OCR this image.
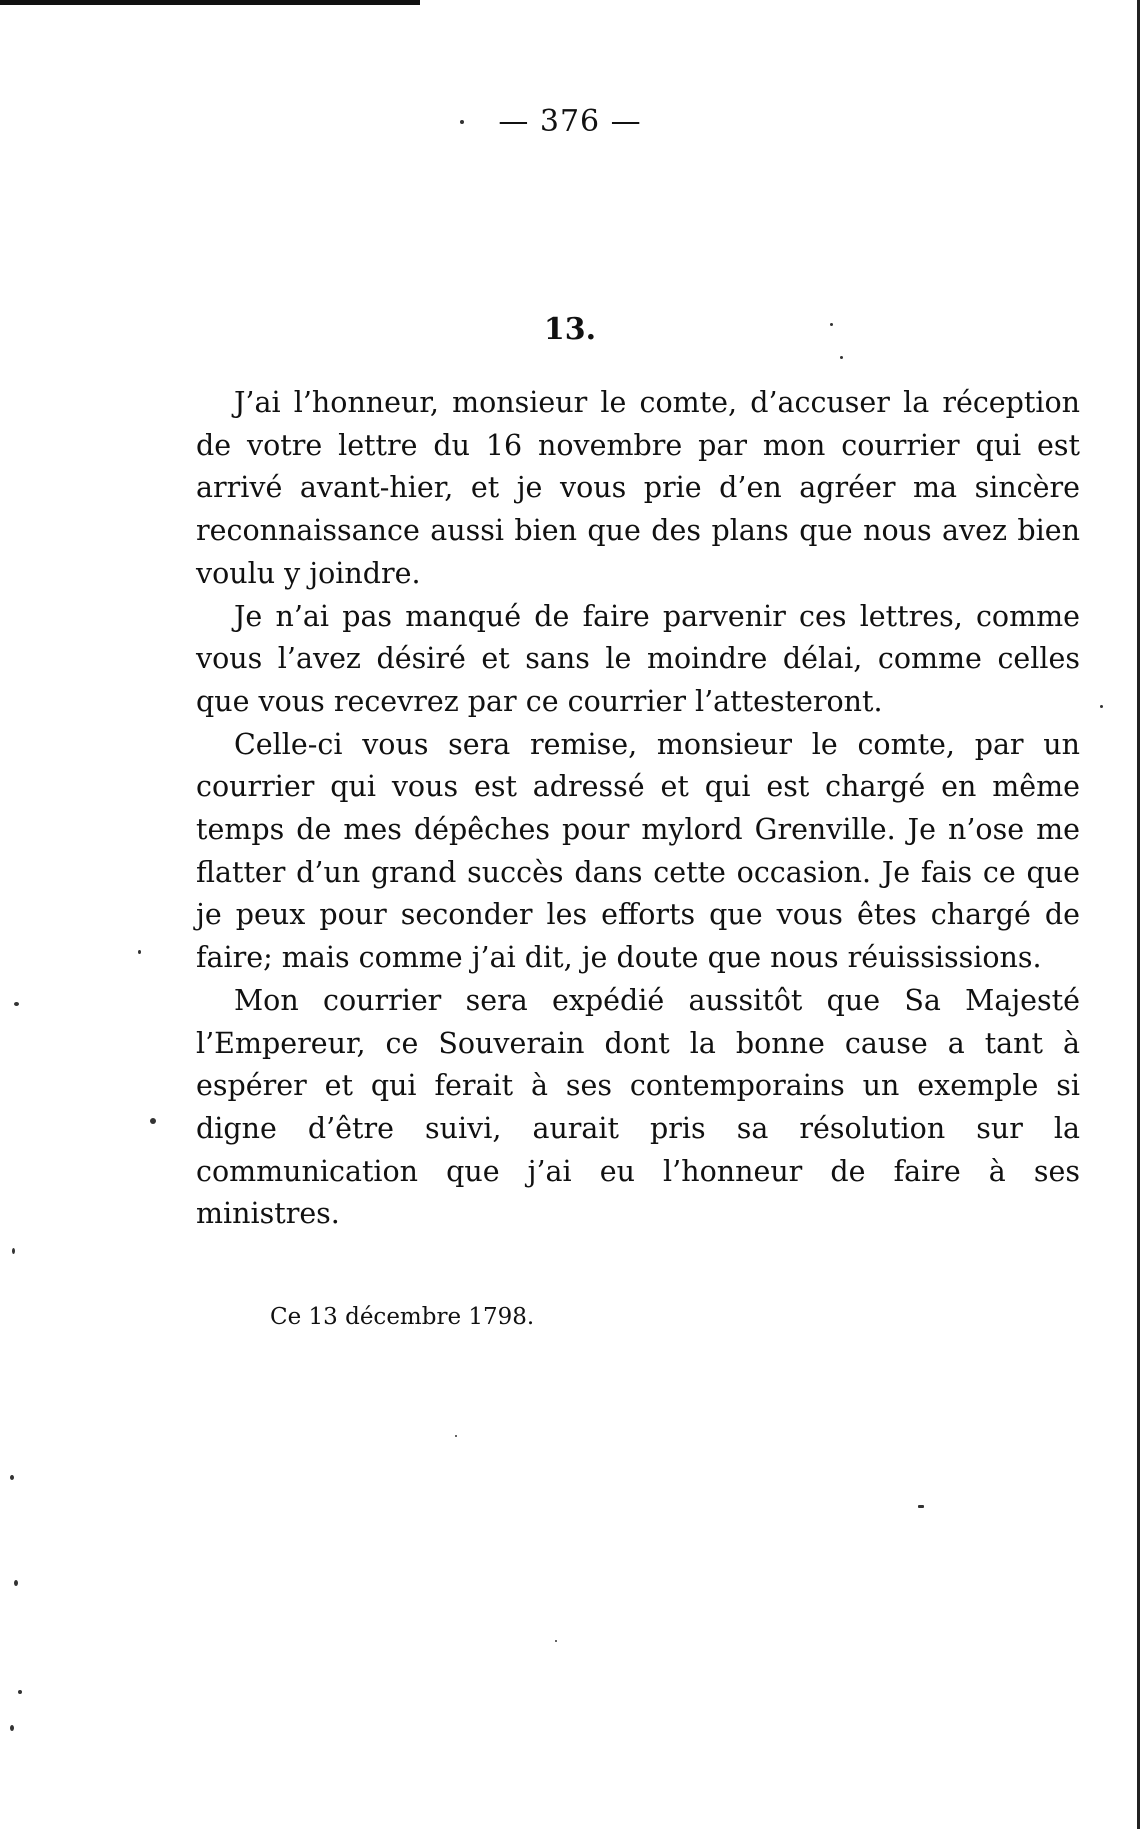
— 376 —
13.

J’ai l’honneur, monsieur le comte, d’accuser la réception de votre lettre du 16 novembre par mon courrier qui est arrivé avant-hier, et je vous prie d’en agréer ma sincère reconnaissance aussi bien que des plans que nous avez bien voulu y joindre.

Je n’ai pas manqué de faire parvenir ces lettres, comme vous l’avez désiré et sans le moindre délai, comme celles que vous recevrez par ce courrier l’attesteront.

Celle-ci vous sera remise, monsieur le comte, par un courrier qui vous est adressé et qui est chargé en même temps de mes dépêches pour mylord Grenville. Je n’ose me flatter d’un grand succès dans cette occasion. Je fais ce que je peux pour seconder les efforts que vous êtes chargé de faire; mais comme j’ai dit, je doute que nous réuississions.

Mon courrier sera expédié aussitôt que Sa Majesté l’Empereur, ce Souverain dont la bonne cause a tant à espérer et qui ferait à ses contemporains un exemple si digne d’être suivi, aurait pris sa résolution sur la communication que j’ai eu l’honneur de faire à ses ministres.

Ce 13 décembre 1798.
